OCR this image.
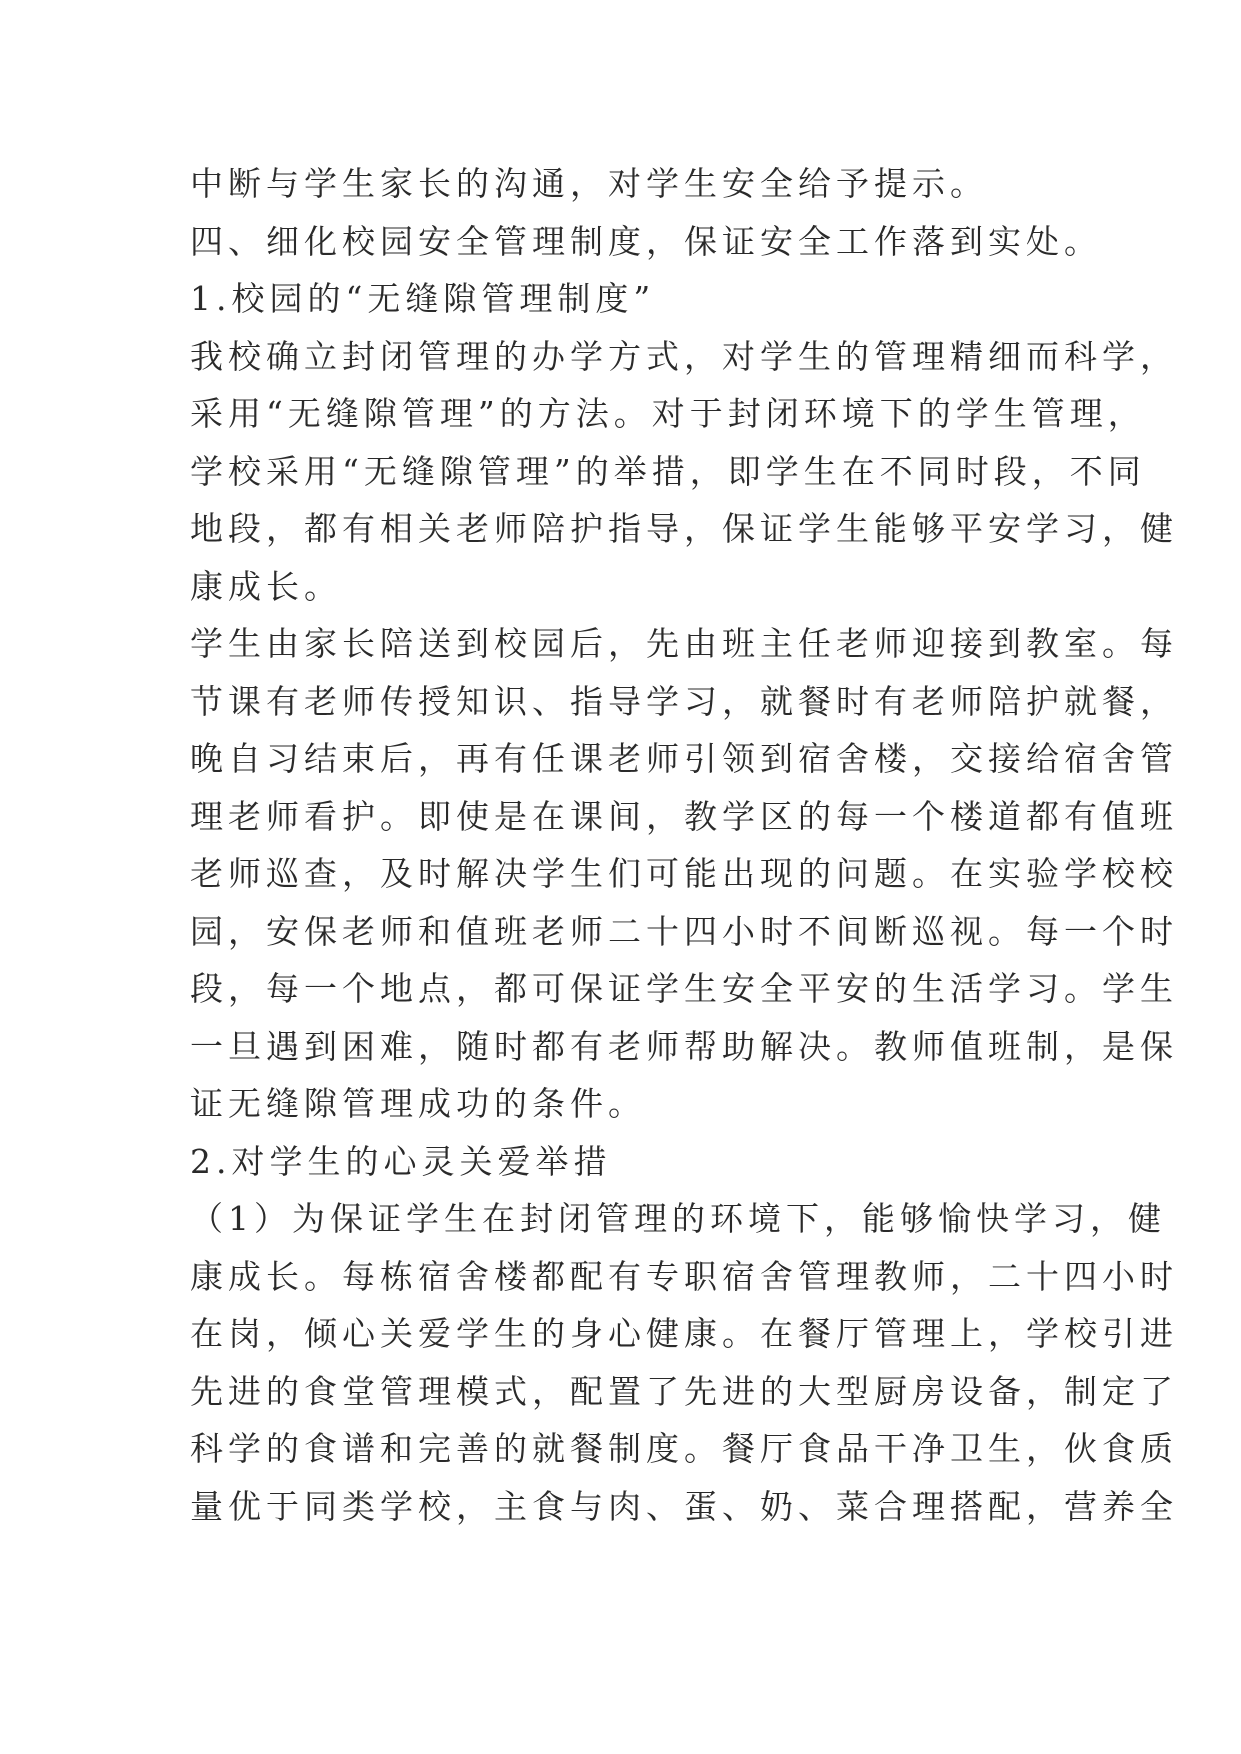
中断与学生家长的沟通，对学生安全给予提示。
四、细化校园安全管理制度，保证安全工作落到实处。
1.校园的“无缝隙管理制度”
我校确立封闭管理的办学方式，对学生的管理精细而科学，
采用“无缝隙管理”的方法。对于封闭环境下的学生管理，
学校采用“无缝隙管理”的举措，即学生在不同时段，不同
地段，都有相关老师陪护指导，保证学生能够平安学习，健
康成长。
学生由家长陪送到校园后，先由班主任老师迎接到教室。每
节课有老师传授知识、指导学习，就餐时有老师陪护就餐，
晚自习结束后，再有任课老师引领到宿舍楼，交接给宿舍管
理老师看护。即使是在课间，教学区的每一个楼道都有值班
老师巡查，及时解决学生们可能出现的问题。在实验学校校
园，安保老师和值班老师二十四小时不间断巡视。每一个时
段，每一个地点，都可保证学生安全平安的生活学习。学生
一旦遇到困难，随时都有老师帮助解决。教师值班制，是保
证无缝隙管理成功的条件。
2.对学生的心灵关爱举措
（1）为保证学生在封闭管理的环境下，能够愉快学习，健
康成长。每栋宿舍楼都配有专职宿舍管理教师，二十四小时
在岗，倾心关爱学生的身心健康。在餐厅管理上，学校引进
先进的食堂管理模式，配置了先进的大型厨房设备，制定了
科学的食谱和完善的就餐制度。餐厅食品干净卫生，伙食质
量优于同类学校，主食与肉、蛋、奶、菜合理搭配，营养全
